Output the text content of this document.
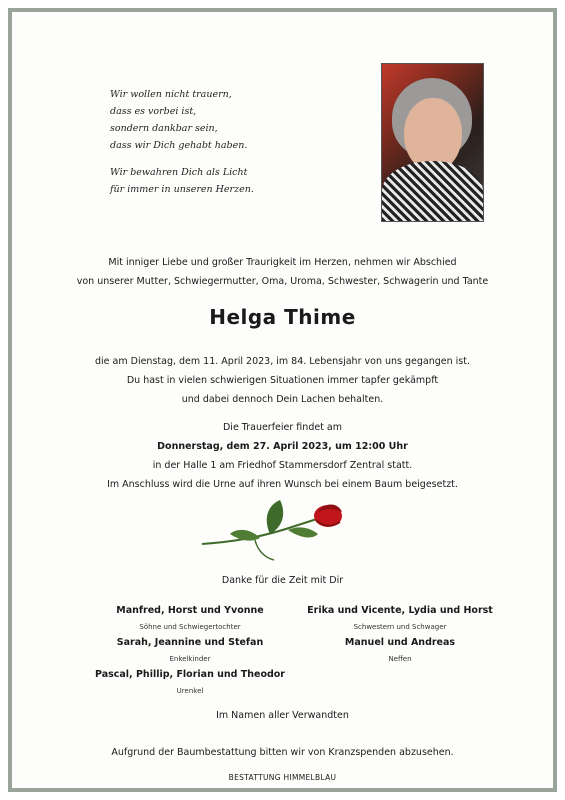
Wir wollen nicht trauern,
dass es vorbei ist,
sondern dankbar sein,
dass wir Dich gehabt haben.
Wir bewahren Dich als Licht
für immer in unseren Herzen.
Mit inniger Liebe und großer Traurigkeit im Herzen, nehmen wir Abschied
von unserer Mutter, Schwiegermutter, Oma, Uroma, Schwester, Schwagerin und Tante
Helga Thime
die am Dienstag, dem 11. April 2023, im 84. Lebensjahr von uns gegangen ist.
Du hast in vielen schwierigen Situationen immer tapfer gekämpft
und dabei dennoch Dein Lachen behalten.
Die Trauerfeier findet am
Donnerstag, dem 27. April 2023, um 12:00 Uhr
in der Halle 1 am Friedhof Stammersdorf Zentral statt.
Im Anschluss wird die Urne auf ihren Wunsch bei einem Baum beigesetzt.
Danke für die Zeit mit Dir
Manfred, Horst und Yvonne
Söhne und Schwiegertochter
Sarah, Jeannine und Stefan
Enkelkinder
Pascal, Phillip, Florian und Theodor
Urenkel
Erika und Vicente, Lydia und Horst
Schwestern und Schwager
Manuel und Andreas
Neffen
Im Namen aller Verwandten
Aufgrund der Baumbestattung bitten wir von Kranzspenden abzusehen.
BESTATTUNG HIMMELBLAU
